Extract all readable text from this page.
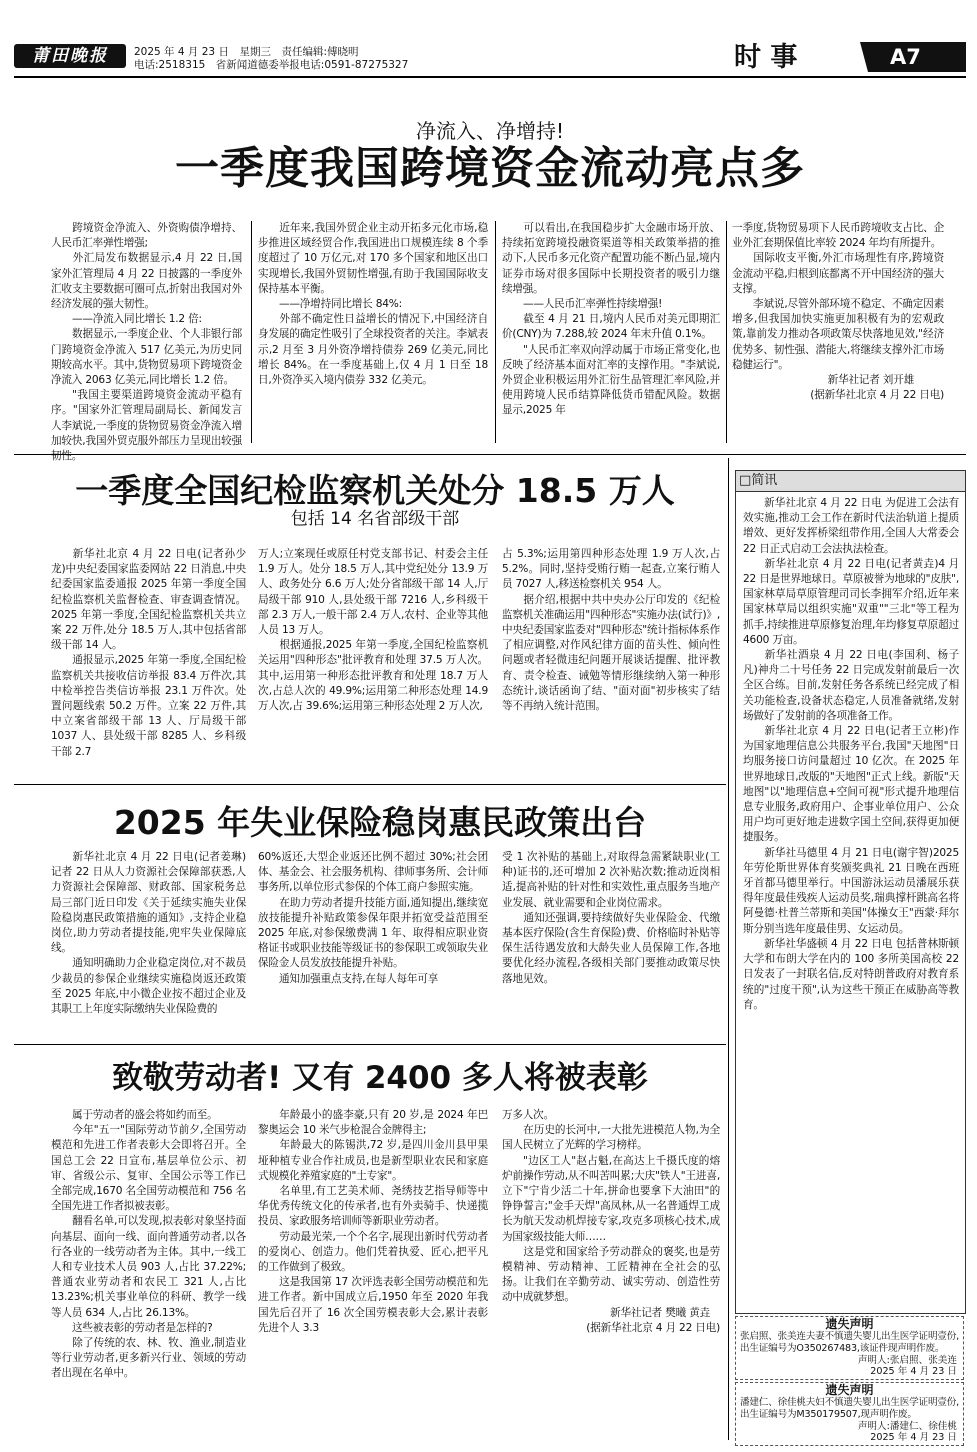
莆田晚报	2025 年 4 月 23 日　星期三　责任编辑:傅晓明
电话:2518315　省新闻道德委举报电话:0591-87275327	时 事	A7
净流入、净增持!
一季度我国跨境资金流动亮点多

跨境资金净流入、外资购债净增持、人民币汇率弹性增强;

外汇局发布数据显示,4 月 22 日,国家外汇管理局 4 月 22 日披露的一季度外汇收支主要数据可圈可点,折射出我国对外经济发展的强大韧性。

——净流入同比增长 1.2 倍:

数据显示,一季度企业、个人非银行部门跨境资金净流入 517 亿美元,为历史同期较高水平。其中,货物贸易项下跨境资金净流入 2063 亿美元,同比增长 1.2 倍。

"我国主要渠道跨境资金流动平稳有序。"国家外汇管理局副局长、新闻发言人李斌说,一季度的货物贸易资金净流入增加较快,我国外贸克服外部压力呈现出较强韧性。

近年来,我国外贸企业主动开拓多元化市场,稳步推进区域经贸合作,我国进出口规模连续 8 个季度超过了 10 万亿元,对 170 多个国家和地区出口实现增长,我国外贸韧性增强,有助于我国国际收支保持基本平衡。

——净增持同比增长 84%:

外部不确定性日益增长的情况下,中国经济自身发展的确定性吸引了全球投资者的关注。李斌表示,2 月至 3 月外资净增持债券 269 亿美元,同比增长 84%。在一季度基础上,仅 4 月 1 日至 18 日,外资净买入境内债券 332 亿美元。

可以看出,在我国稳步扩大金融市场开放、持续拓宽跨境投融资渠道等相关政策举措的推动下,人民币多元化资产配置功能不断凸显,境内证券市场对很多国际中长期投资者的吸引力继续增强。

——人民币汇率弹性持续增强!

截至 4 月 21 日,境内人民币对美元即期汇价(CNY)为 7.288,较 2024 年末升值 0.1%。

"人民币汇率双向浮动属于市场正常变化,也反映了经济基本面对汇率的支撑作用。"李斌说,外贸企业积极运用外汇衍生品管理汇率风险,并使用跨境人民币结算降低货币错配风险。数据显示,2025 年

一季度,货物贸易项下人民币跨境收支占比、企业外汇套期保值比率较 2024 年均有所提升。

国际收支平衡,外汇市场理性有序,跨境资金流动平稳,归根到底都离不开中国经济的强大支撑。

李斌说,尽管外部环境不稳定、不确定因素增多,但我国加快实施更加积极有为的宏观政策,靠前发力推动各项政策尽快落地见效,"经济优势多、韧性强、潜能大,将继续支撑外汇市场稳健运行"。

新华社记者 刘开雄

(据新华社北京 4 月 22 日电)

一季度全国纪检监察机关处分 18.5 万人
包括 14 名省部级干部

新华社北京 4 月 22 日电(记者孙少龙)中央纪委国家监委网站 22 日消息,中央纪委国家监委通报 2025 年第一季度全国纪检监察机关监督检查、审查调查情况。2025 年第一季度,全国纪检监察机关共立案 22 万件,处分 18.5 万人,其中包括省部级干部 14 人。

通报显示,2025 年第一季度,全国纪检监察机关共接收信访举报 83.4 万件次,其中检举控告类信访举报 23.1 万件次。处置问题线索 50.2 万件。立案 22 万件,其中立案省部级干部 13 人、厅局级干部 1037 人、县处级干部 8285 人、乡科级干部 2.7

万人;立案现任或原任村党支部书记、村委会主任 1.9 万人。处分 18.5 万人,其中党纪处分 13.9 万人、政务处分 6.6 万人;处分省部级干部 14 人,厅局级干部 910 人,县处级干部 7216 人,乡科级干部 2.3 万人,一般干部 2.4 万人,农村、企业等其他人员 13 万人。

根据通报,2025 年第一季度,全国纪检监察机关运用"四种形态"批评教育和处理 37.5 万人次。其中,运用第一种形态批评教育和处理 18.7 万人次,占总人次的 49.9%;运用第二种形态处理 14.9 万人次,占 39.6%;运用第三种形态处理 2 万人次,

占 5.3%;运用第四种形态处理 1.9 万人次,占 5.2%。同时,坚持受贿行贿一起查,立案行贿人员 7027 人,移送检察机关 954 人。

据介绍,根据中共中央办公厅印发的《纪检监察机关准确运用"四种形态"实施办法(试行)》,中央纪委国家监委对"四种形态"统计指标体系作了相应调整,对作风纪律方面的苗头性、倾向性问题或者轻微违纪问题开展谈话提醒、批评教育、责令检查、诫勉等情形继续纳入第一种形态统计,谈话函询了结、"面对面"初步核实了结等不再纳入统计范围。

2025 年失业保险稳岗惠民政策出台

新华社北京 4 月 22 日电(记者姜琳)记者 22 日从人力资源社会保障部获悉,人力资源社会保障部、财政部、国家税务总局三部门近日印发《关于延续实施失业保险稳岗惠民政策措施的通知》,支持企业稳岗位,助力劳动者提技能,兜牢失业保障底线。

通知明确助力企业稳定岗位,对不裁员少裁员的参保企业继续实施稳岗返还政策至 2025 年底,中小微企业按不超过企业及其职工上年度实际缴纳失业保险费的

60%返还,大型企业返还比例不超过 30%;社会团体、基金会、社会服务机构、律师事务所、会计师事务所,以单位形式参保的个体工商户参照实施。

在助力劳动者提升技能方面,通知提出,继续宽放技能提升补贴政策参保年限并拓宽受益范围至 2025 年底,对参保缴费满 1 年、取得相应职业资格证书或职业技能等级证书的参保职工或领取失业保险金人员发放技能提升补贴。

通知加强重点支持,在每人每年可享

受 1 次补贴的基础上,对取得急需紧缺职业(工种)证书的,还可增加 2 次补贴次数;推动近岗相适,提高补贴的针对性和实效性,重点服务当地产业发展、就业需要和企业岗位需求。

通知还强调,要持续做好失业保险金、代缴基本医疗保险(含生育保险)费、价格临时补贴等保生活待遇发放和大龄失业人员保障工作,各地要优化经办流程,各级相关部门要推动政策尽快落地见效。

致敬劳动者! 又有 2400 多人将被表彰

属于劳动者的盛会将如约而至。

今年"五一"国际劳动节前夕,全国劳动模范和先进工作者表彰大会即将召开。全国总工会 22 日宣布,基层单位公示、初审、省级公示、复审、全国公示等工作已全部完成,1670 名全国劳动模范和 756 名全国先进工作者拟被表彰。

翻看名单,可以发现,拟表彰对象坚持面向基层、面向一线、面向普通劳动者,以各行各业的一线劳动者为主体。其中,一线工人和专业技术人员 903 人,占比 37.22%;普通农业劳动者和农民工 321 人,占比 13.23%;机关事业单位的科研、教学一线等人员 634 人,占比 26.13%。

这些被表彰的劳动者是怎样的?

除了传统的农、林、牧、渔业,制造业等行业劳动者,更多新兴行业、领域的劳动者出现在名单中。

年龄最小的盛李豪,只有 20 岁,是 2024 年巴黎奥运会 10 米气步枪混合金牌得主;

年龄最大的陈锡洪,72 岁,是四川金川县甲果垭种植专业合作社成员,也是新型职业农民和家庭式规模化养殖家庭的"土专家"。

名单里,有工艺美术师、尧绣技艺指导师等中华优秀传统文化的传承者,也有外卖骑手、快递揽投员、家政服务培训师等新职业劳动者。

劳动最光荣,一个个名字,展现出新时代劳动者的爱岗心、创造力。他们凭着执爱、匠心,把平凡的工作做到了极致。

这是我国第 17 次评选表彰全国劳动模范和先进工作者。新中国成立后,1950 年至 2020 年我国先后召开了 16 次全国劳模表彰大会,累计表彰先进个人 3.3

万多人次。

在历史的长河中,一大批先进模范人物,为全国人民树立了光辉的学习榜样。

"边区工人"赵占魁,在高达上千摄氏度的熔炉前操作劳动,从不叫苦叫累;大庆"铁人"王进喜,立下"宁肯少活二十年,拼命也要拿下大油田"的铮铮誓言;"金手天焊"高凤林,从一名普通焊工成长为航天发动机焊接专家,攻克多项核心技术,成为国家级技能大师……

这是党和国家给予劳动群众的褒奖,也是劳模精神、劳动精神、工匠精神在全社会的弘扬。让我们在辛勤劳动、诚实劳动、创造性劳动中成就梦想。

新华社记者 樊曦 黄垚

(据新华社北京 4 月 22 日电)

□简讯

新华社北京 4 月 22 日电 为促进工会法有效实施,推动工会工作在新时代法治轨道上提质增效、更好发挥桥梁纽带作用,全国人大常委会 22 日正式启动工会法执法检查。

新华社北京 4 月 22 日电(记者黄垚)4 月 22 日是世界地球日。草原被誉为地球的"皮肤",国家林草局草原管理司司长李拥军介绍,近年来国家林草局以组织实施"双重""三北"等工程为抓手,持续推进草原修复治理,年均修复草原超过 4600 万亩。

新华社酒泉 4 月 22 日电(李国利、杨子凡)神舟二十号任务 22 日完成发射前最后一次全区合练。目前,发射任务各系统已经完成了相关功能检查,设备状态稳定,人员准备就绪,发射场做好了发射前的各项准备工作。

新华社北京 4 月 22 日电(记者王立彬)作为国家地理信息公共服务平台,我国"天地图"日均服务接口访问量超过 10 亿次。在 2025 年世界地球日,改版的"天地图"正式上线。新版"天地图"以"地理信息+空间可视"形式提升地理信息专业服务,政府用户、企事业单位用户、公众用户均可更好地走进数字国土空间,获得更加便捷服务。

新华社马德里 4 月 21 日电(谢宇智)2025 年劳伦斯世界体育奖颁奖典礼 21 日晚在西班牙首都马德里举行。中国游泳运动员潘展乐获得年度最佳残疾人运动员奖,瑞典撑杆跳高名将阿曼德·杜普兰蒂斯和美国"体操女王"西蒙·拜尔斯分别当选年度最佳男、女运动员。

新华社华盛顿 4 月 22 日电 包括普林斯顿大学和布朗大学在内的 100 多所美国高校 22 日发表了一封联名信,反对特朗普政府对教育系统的"过度干预",认为这些干预正在威胁高等教育。

遗失声明
张启照、张美连夫妻不慎遗失婴儿出生医学证明壹份,出生证编号为O350267483,该证件现声明作废。
声明人:张启照、张美连
2025 年 4 月 23 日
遗失声明
潘建仁、徐佳桃夫妇不慎遗失婴儿出生医学证明壹份,出生证编号为M350179507,现声明作废。
声明人:潘建仁、徐佳桃
2025 年 4 月 23 日
